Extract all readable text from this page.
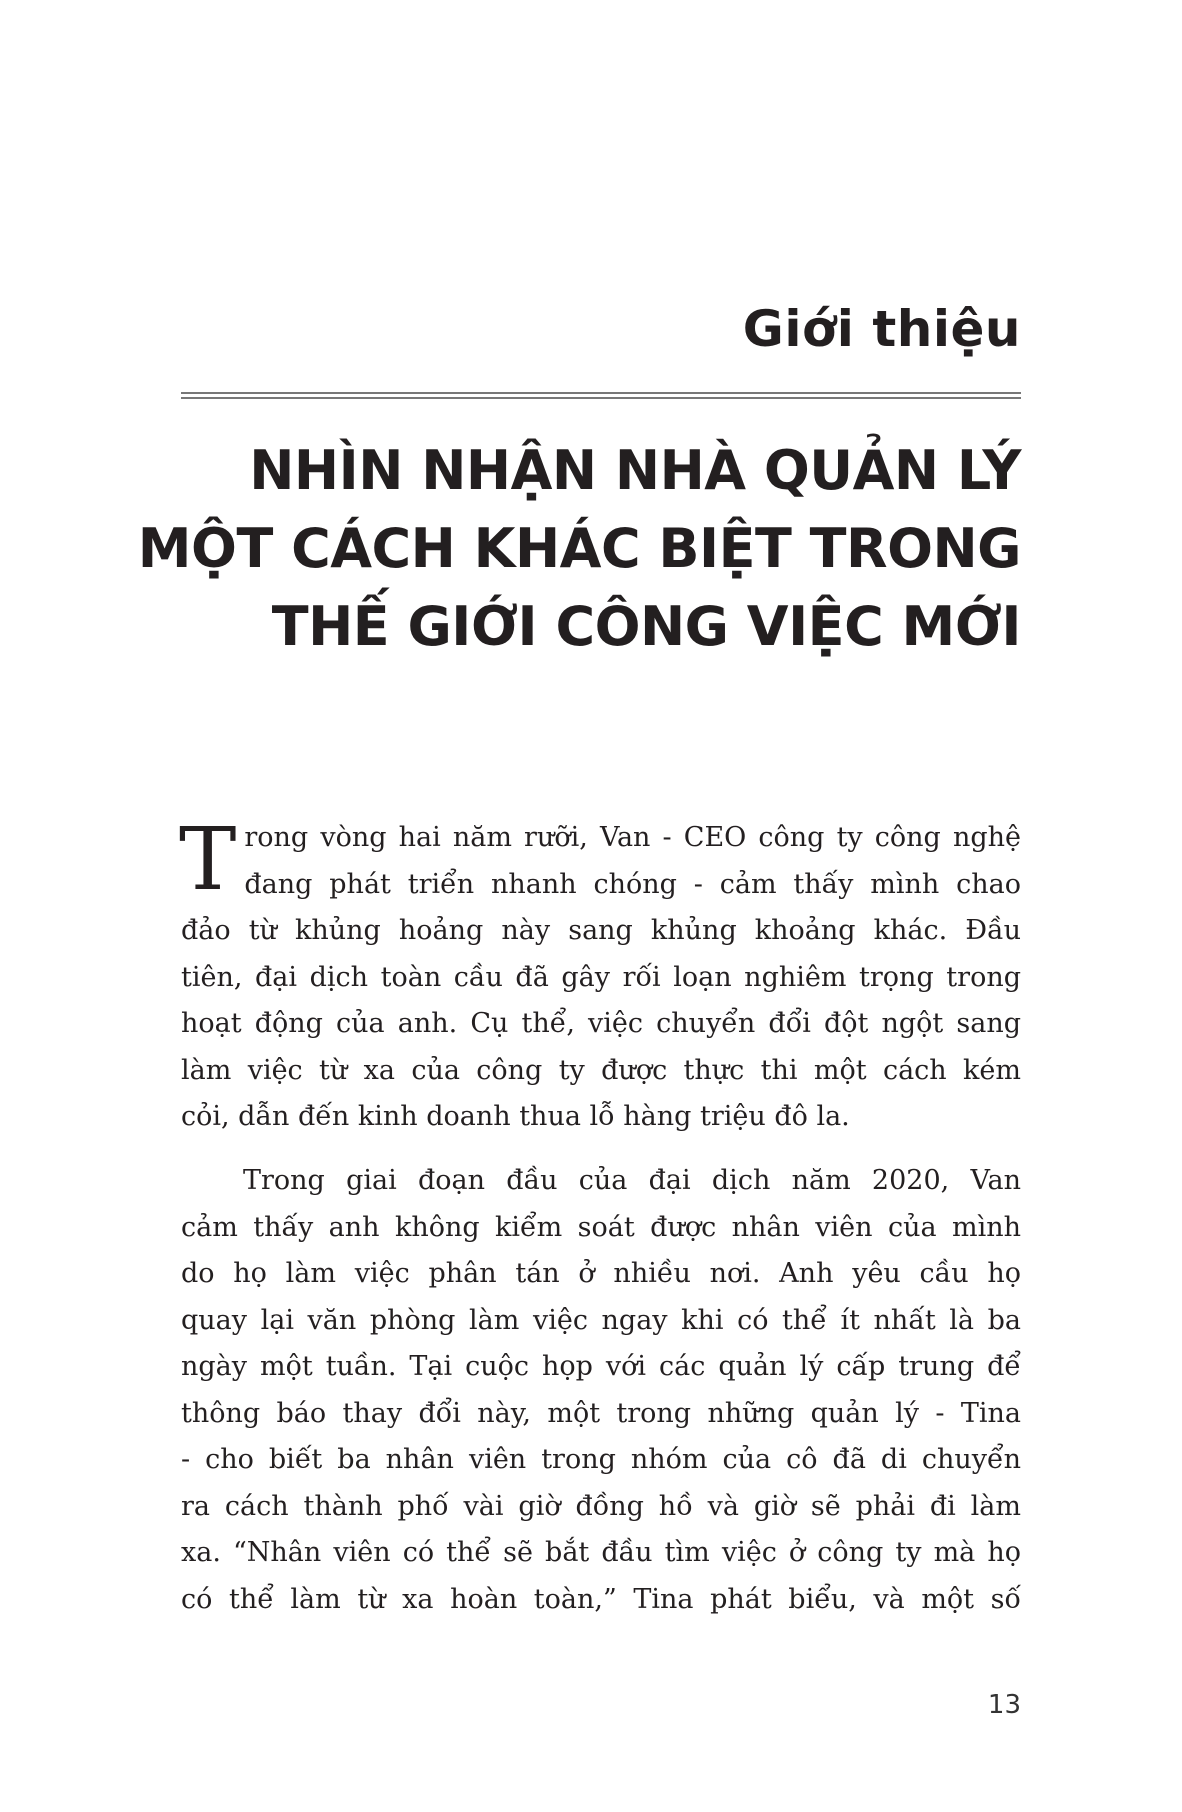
Giới thiệu
NHÌN NHẬN NHÀ QUẢN LÝ
MỘT CÁCH KHÁC BIỆT TRONG
THẾ GIỚI CÔNG VIỆC MỚI
T rong vòng hai năm rưỡi, Van - CEO công ty công nghệ
đang phát triển nhanh chóng - cảm thấy mình chao
đảo từ khủng hoảng này sang khủng khoảng khác. Đầu
tiên, đại dịch toàn cầu đã gây rối loạn nghiêm trọng trong
hoạt động của anh. Cụ thể, việc chuyển đổi đột ngột sang
làm việc từ xa của công ty được thực thi một cách kém
cỏi, dẫn đến kinh doanh thua lỗ hàng triệu đô la.
Trong giai đoạn đầu của đại dịch năm 2020, Van
cảm thấy anh không kiểm soát được nhân viên của mình
do họ làm việc phân tán ở nhiều nơi. Anh yêu cầu họ
quay lại văn phòng làm việc ngay khi có thể ít nhất là ba
ngày một tuần. Tại cuộc họp với các quản lý cấp trung để
thông báo thay đổi này, một trong những quản lý - Tina
- cho biết ba nhân viên trong nhóm của cô đã di chuyển
ra cách thành phố vài giờ đồng hồ và giờ sẽ phải đi làm
xa. “Nhân viên có thể sẽ bắt đầu tìm việc ở công ty mà họ
có thể làm từ xa hoàn toàn,” Tina phát biểu, và một số
13
